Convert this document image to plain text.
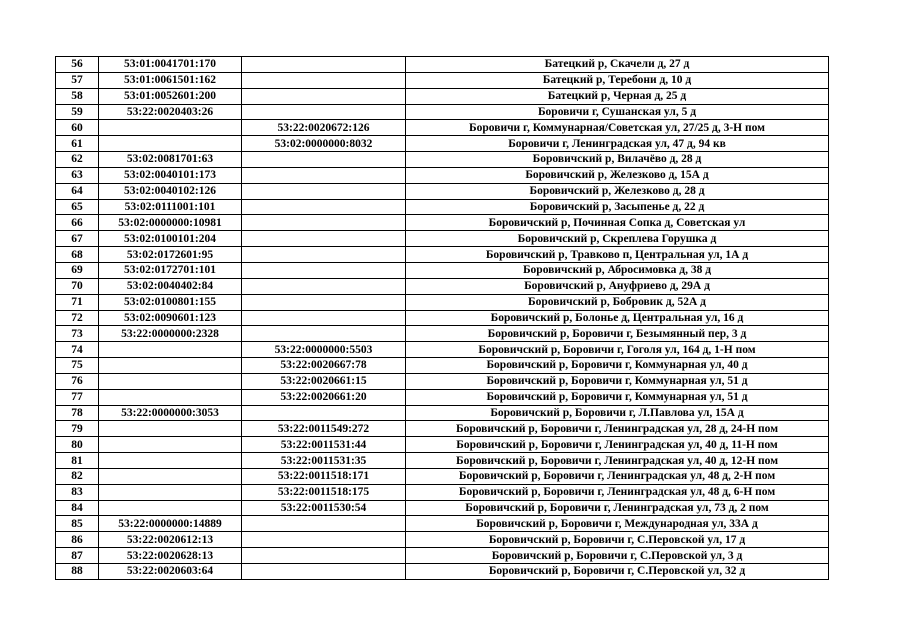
56	53:01:0041701:170		Батецкий р, Скачели д, 27 д
57	53:01:0061501:162		Батецкий р, Теребони д, 10 д
58	53:01:0052601:200		Батецкий р, Черная д, 25 д
59	53:22:0020403:26		Боровичи г, Сушанская ул, 5 д
60		53:22:0020672:126	Боровичи г, Коммунарная/Советская ул, 27/25 д, 3-Н пом
61		53:02:0000000:8032	Боровичи г, Ленинградская ул, 47 д, 94 кв
62	53:02:0081701:63		Боровичский р, Вилачёво д, 28 д
63	53:02:0040101:173		Боровичский р, Железково д, 15А д
64	53:02:0040102:126		Боровичский р, Железково д, 28 д
65	53:02:0111001:101		Боровичский р, Засыпенье д, 22 д
66	53:02:0000000:10981		Боровичский р, Починная Сопка д, Советская ул
67	53:02:0100101:204		Боровичский р, Скреплева Горушка д
68	53:02:0172601:95		Боровичский р, Травково п, Центральная ул, 1А д
69	53:02:0172701:101		Боровичский р, Абросимовка д, 38 д
70	53:02:0040402:84		Боровичский р, Ануфриево д, 29А д
71	53:02:0100801:155		Боровичский р, Бобровик д, 52А д
72	53:02:0090601:123		Боровичский р, Болонье д, Центральная ул, 16 д
73	53:22:0000000:2328		Боровичский р, Боровичи г, Безымянный пер, 3 д
74		53:22:0000000:5503	Боровичский р, Боровичи г, Гоголя ул, 164 д, 1-Н пом
75		53:22:0020667:78	Боровичский р, Боровичи г, Коммунарная ул, 40 д
76		53:22:0020661:15	Боровичский р, Боровичи г, Коммунарная ул, 51 д
77		53:22:0020661:20	Боровичский р, Боровичи г, Коммунарная ул, 51 д
78	53:22:0000000:3053		Боровичский р, Боровичи г, Л.Павлова ул, 15А д
79		53:22:0011549:272	Боровичский р, Боровичи г, Ленинградская ул, 28 д, 24-Н пом
80		53:22:0011531:44	Боровичский р, Боровичи г, Ленинградская ул, 40 д, 11-Н пом
81		53:22:0011531:35	Боровичский р, Боровичи г, Ленинградская ул, 40 д, 12-Н пом
82		53:22:0011518:171	Боровичский р, Боровичи г, Ленинградская ул, 48 д, 2-Н пом
83		53:22:0011518:175	Боровичский р, Боровичи г, Ленинградская ул, 48 д, 6-Н пом
84		53:22:0011530:54	Боровичский р, Боровичи г, Ленинградская ул, 73 д, 2 пом
85	53:22:0000000:14889		Боровичский р, Боровичи г, Международная ул, 33А д
86	53:22:0020612:13		Боровичский р, Боровичи г, С.Перовской ул, 17 д
87	53:22:0020628:13		Боровичский р, Боровичи г, С.Перовской ул, 3 д
88	53:22:0020603:64		Боровичский р, Боровичи г, С.Перовской ул, 32 д
